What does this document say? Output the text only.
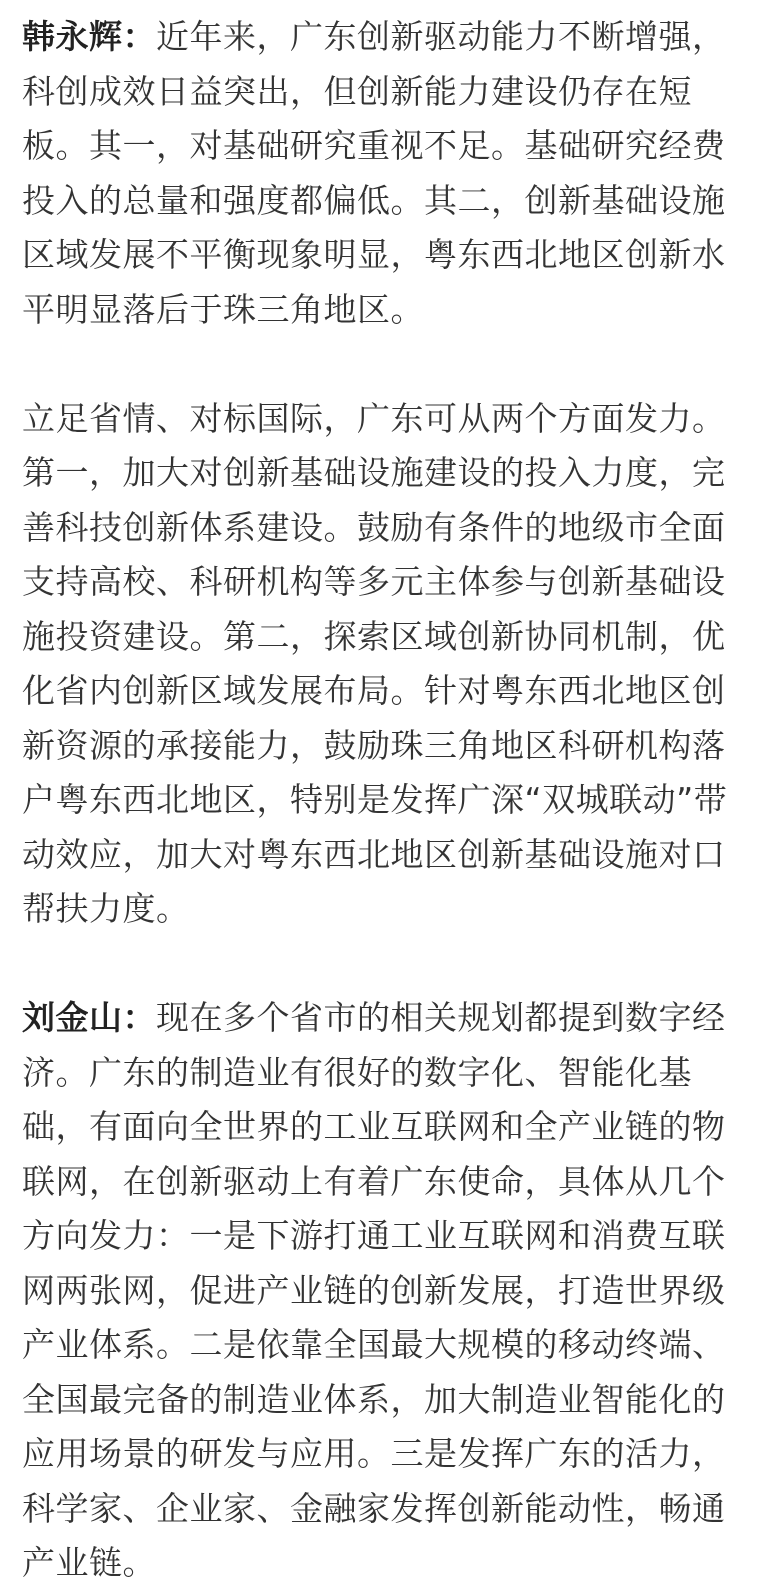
韩永辉：近年来，广东创新驱动能力不断增强，科创成效日益突出，但创新能力建设仍存在短板。其一，对基础研究重视不足。基础研究经费投入的总量和强度都偏低。其二，创新基础设施区域发展不平衡现象明显，粤东西北地区创新水平明显落后于珠三角地区。

立足省情、对标国际，广东可从两个方面发力。第一，加大对创新基础设施建设的投入力度，完善科技创新体系建设。鼓励有条件的地级市全面支持高校、科研机构等多元主体参与创新基础设施投资建设。第二，探索区域创新协同机制，优化省内创新区域发展布局。针对粤东西北地区创新资源的承接能力，鼓励珠三角地区科研机构落户粤东西北地区，特别是发挥广深“双城联动”带动效应，加大对粤东西北地区创新基础设施对口帮扶力度。

刘金山：现在多个省市的相关规划都提到数字经济。广东的制造业有很好的数字化、智能化基础，有面向全世界的工业互联网和全产业链的物联网，在创新驱动上有着广东使命，具体从几个方向发力：一是下游打通工业互联网和消费互联网两张网，促进产业链的创新发展，打造世界级产业体系。二是依靠全国最大规模的移动终端、全国最完备的制造业体系，加大制造业智能化的应用场景的研发与应用。三是发挥广东的活力，科学家、企业家、金融家发挥创新能动性，畅通产业链。
